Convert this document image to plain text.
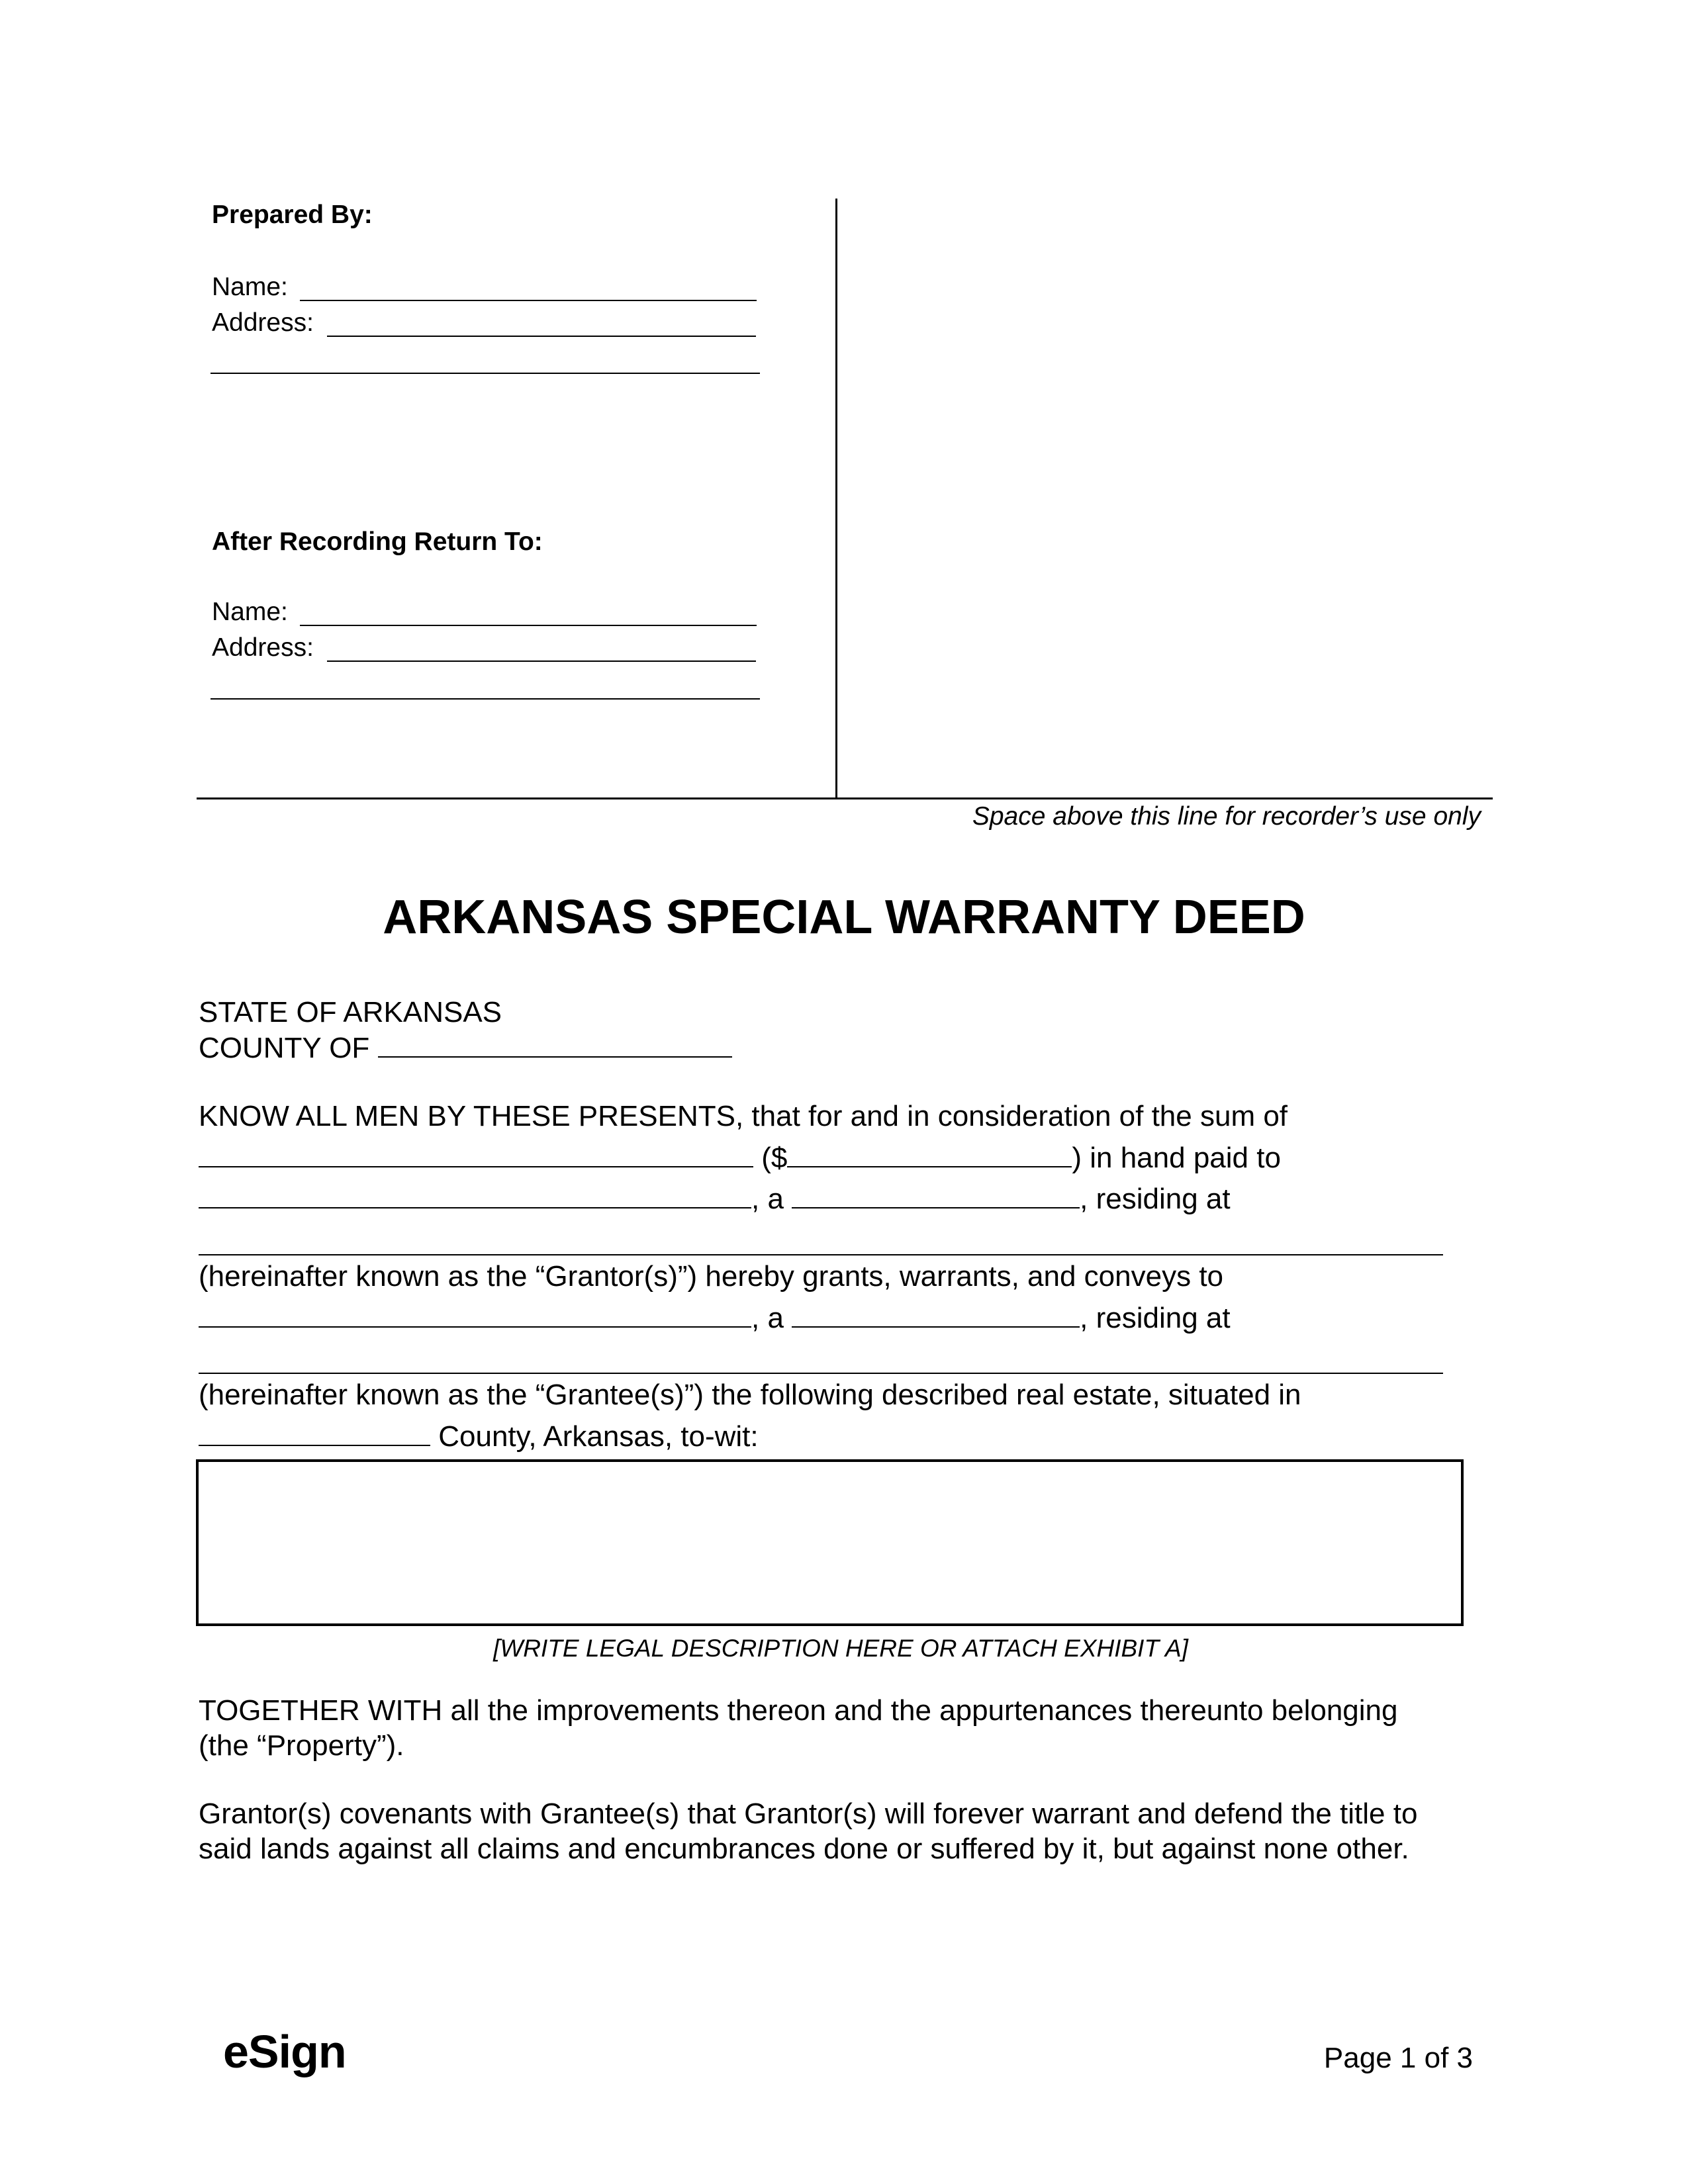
Prepared By:
Name:
Address:
After Recording Return To:
Name:
Address:
Space above this line for recorder’s use only
ARKANSAS SPECIAL WARRANTY DEED
STATE OF ARKANSAS
COUNTY OF
KNOW ALL MEN BY THESE PRESENTS, that for and in consideration of the sum of
($	) in hand paid to
, a	, residing at
(hereinafter known as the “Grantor(s)”) hereby grants, warrants, and conveys to
, a	, residing at
(hereinafter known as the “Grantee(s)”) the following described real estate, situated in
County, Arkansas, to-wit:
[WRITE LEGAL DESCRIPTION HERE OR ATTACH EXHIBIT A]
TOGETHER WITH all the improvements thereon and the appurtenances thereunto belonging
(the “Property”).
Grantor(s) covenants with Grantee(s) that Grantor(s) will forever warrant and defend the title to
said lands against all claims and encumbrances done or suffered by it, but against none other.
eSign	Page 1 of 3
